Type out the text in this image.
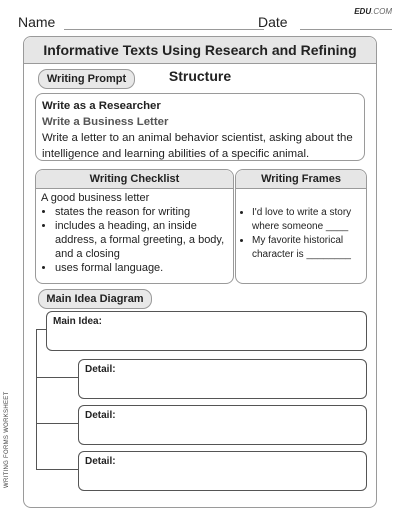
Name	Date
EDU.COM
WRITING FORMS WORKSHEET
Informative Texts Using Research and Refining Structure
Writing Prompt
Write as a Researcher
Write a Business Letter
Write a letter to an animal behavior scientist, asking about the intelligence and learning abilities of a specific animal.
Writing Checklist
A good business letter
• states the reason for writing
• includes a heading, an inside address, a formal greeting, a body, and a closing
• uses formal language.
Writing Frames
• I'd love to write a story where someone ____
• My favorite historical character is ________
Main Idea Diagram
Main Idea:
Detail:
Detail:
Detail:
